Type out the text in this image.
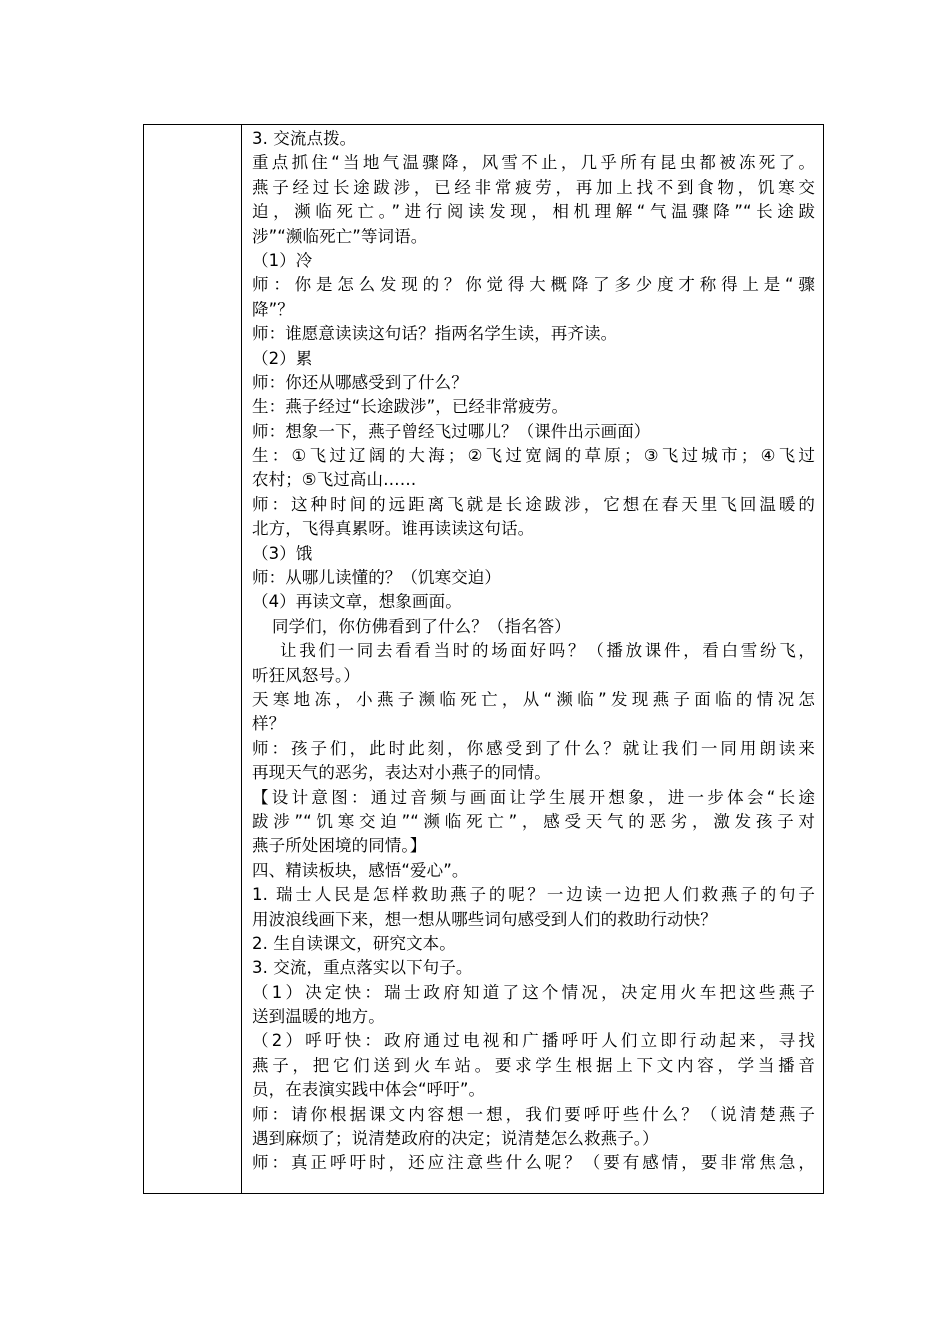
3. 交流点拨。
重点抓住“当地气温骤降，风雪不止，几乎所有昆虫都被冻死了。
燕子经过长途跋涉，已经非常疲劳，再加上找不到食物，饥寒交
迫，濒临死亡。”进行阅读发现，相机理解“气温骤降”“长途跋
涉”“濒临死亡”等词语。
（1）冷
师：你是怎么发现的？你觉得大概降了多少度才称得上是“骤
降”？
师：谁愿意读读这句话？指两名学生读，再齐读。
（2）累
师：你还从哪感受到了什么？
生：燕子经过“长途跋涉”，已经非常疲劳。
师：想象一下，燕子曾经飞过哪儿？（课件出示画面）
生：①飞过辽阔的大海；②飞过宽阔的草原；③飞过城市；④飞过
农村；⑤飞过高山……
师：这种时间的远距离飞就是长途跋涉，它想在春天里飞回温暖的
北方，飞得真累呀。谁再读读这句话。
（3）饿
师：从哪儿读懂的？（饥寒交迫）
（4）再读文章，想象画面。
同学们，你仿佛看到了什么？（指名答）
让我们一同去看看当时的场面好吗？（播放课件，看白雪纷飞，
听狂风怒号。）
天寒地冻，小燕子濒临死亡，从“濒临”发现燕子面临的情况怎
样？
师：孩子们，此时此刻，你感受到了什么？就让我们一同用朗读来
再现天气的恶劣，表达对小燕子的同情。
【设计意图：通过音频与画面让学生展开想象，进一步体会“长途
跋涉”“饥寒交迫”“濒临死亡”，感受天气的恶劣，激发孩子对
燕子所处困境的同情。】
四、精读板块，感悟“爱心”。
1. 瑞士人民是怎样救助燕子的呢？一边读一边把人们救燕子的句子
用波浪线画下来，想一想从哪些词句感受到人们的救助行动快？
2. 生自读课文，研究文本。
3. 交流，重点落实以下句子。
（1）决定快：瑞士政府知道了这个情况，决定用火车把这些燕子
送到温暖的地方。
（2）呼吁快：政府通过电视和广播呼吁人们立即行动起来，寻找
燕子，把它们送到火车站。要求学生根据上下文内容，学当播音
员，在表演实践中体会“呼吁”。
师：请你根据课文内容想一想，我们要呼吁些什么？（说清楚燕子
遇到麻烦了；说清楚政府的决定；说清楚怎么救燕子。）
师：真正呼吁时，还应注意些什么呢？（要有感情，要非常焦急，
